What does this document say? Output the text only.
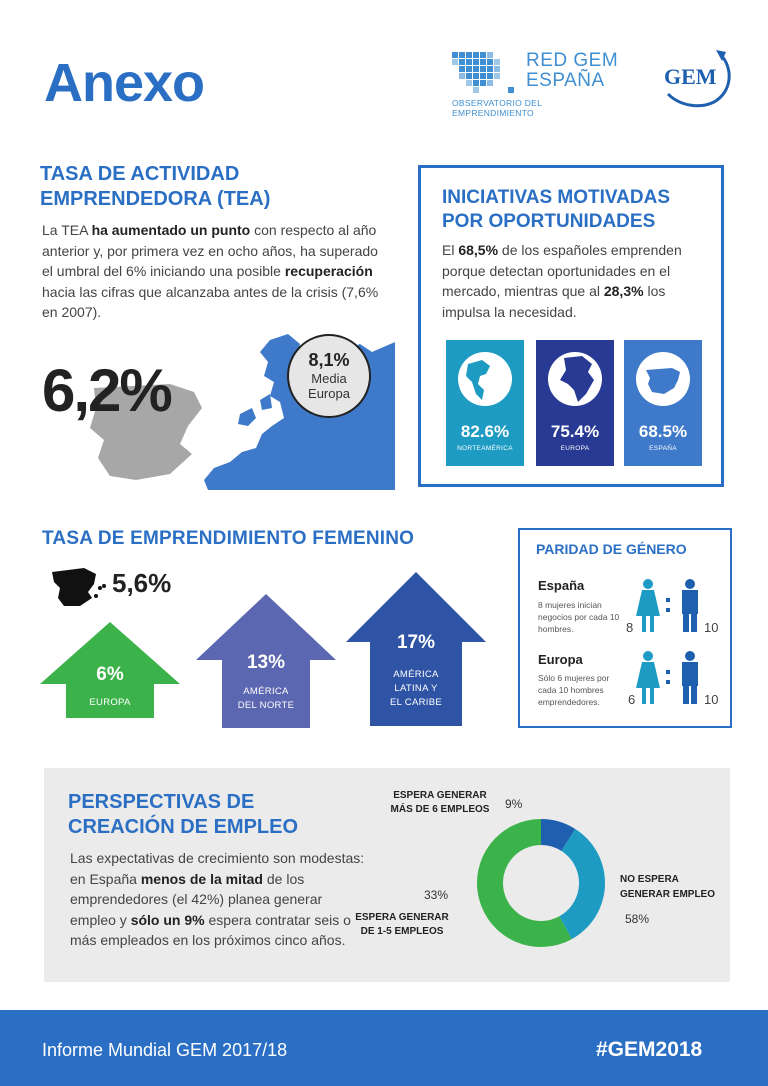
Anexo	RED GEM
ESPAÑA
OBSERVATORIO DEL EMPRENDIMIENTO
GEM
TASA DE ACTIVIDAD
EMPRENDEDORA (TEA)
La TEA ha aumentado un punto con respecto al año anterior y, por primera vez en ocho años, ha superado el umbral del 6% iniciando una posible recuperación hacia las cifras que alcanzaba antes de la crisis (7,6% en 2007).
6,2%	8,1%
Media
Europa
INICIATIVAS MOTIVADAS
POR OPORTUNIDADES
El 68,5% de los españoles emprenden porque detectan oportunidades en el mercado, mientras que al 28,3% los impulsa la necesidad.
82.6%
NORTEAMÉRICA
75.4%
EUROPA
68.5%
ESPAÑA
TASA DE EMPRENDIMIENTO FEMENINO
5,6%
6%
EUROPA
13%
AMÉRICA
DEL NORTE
17%
AMÉRICA
LATINA Y
EL CARIBE
PARIDAD DE GÉNERO
España
8 mujeres inician negocios por cada 10 hombres.	8	10
Europa
Sólo 6 mujeres por cada 10 hombres emprendedores.	6	10
PERSPECTIVAS DE
CREACIÓN DE EMPLEO
Las expectativas de crecimiento son modestas: en España menos de la mitad de los emprendedores (el 42%) planea generar empleo y sólo un 9% espera contratar seis o más empleados en los próximos cinco años.
ESPERA GENERAR
MÁS DE 6 EMPLEOS	9%
33%
ESPERA GENERAR
DE 1-5 EMPLEOS
NO ESPERA
GENERAR EMPLEO
58%
Informe Mundial GEM 2017/18	#GEM2018
